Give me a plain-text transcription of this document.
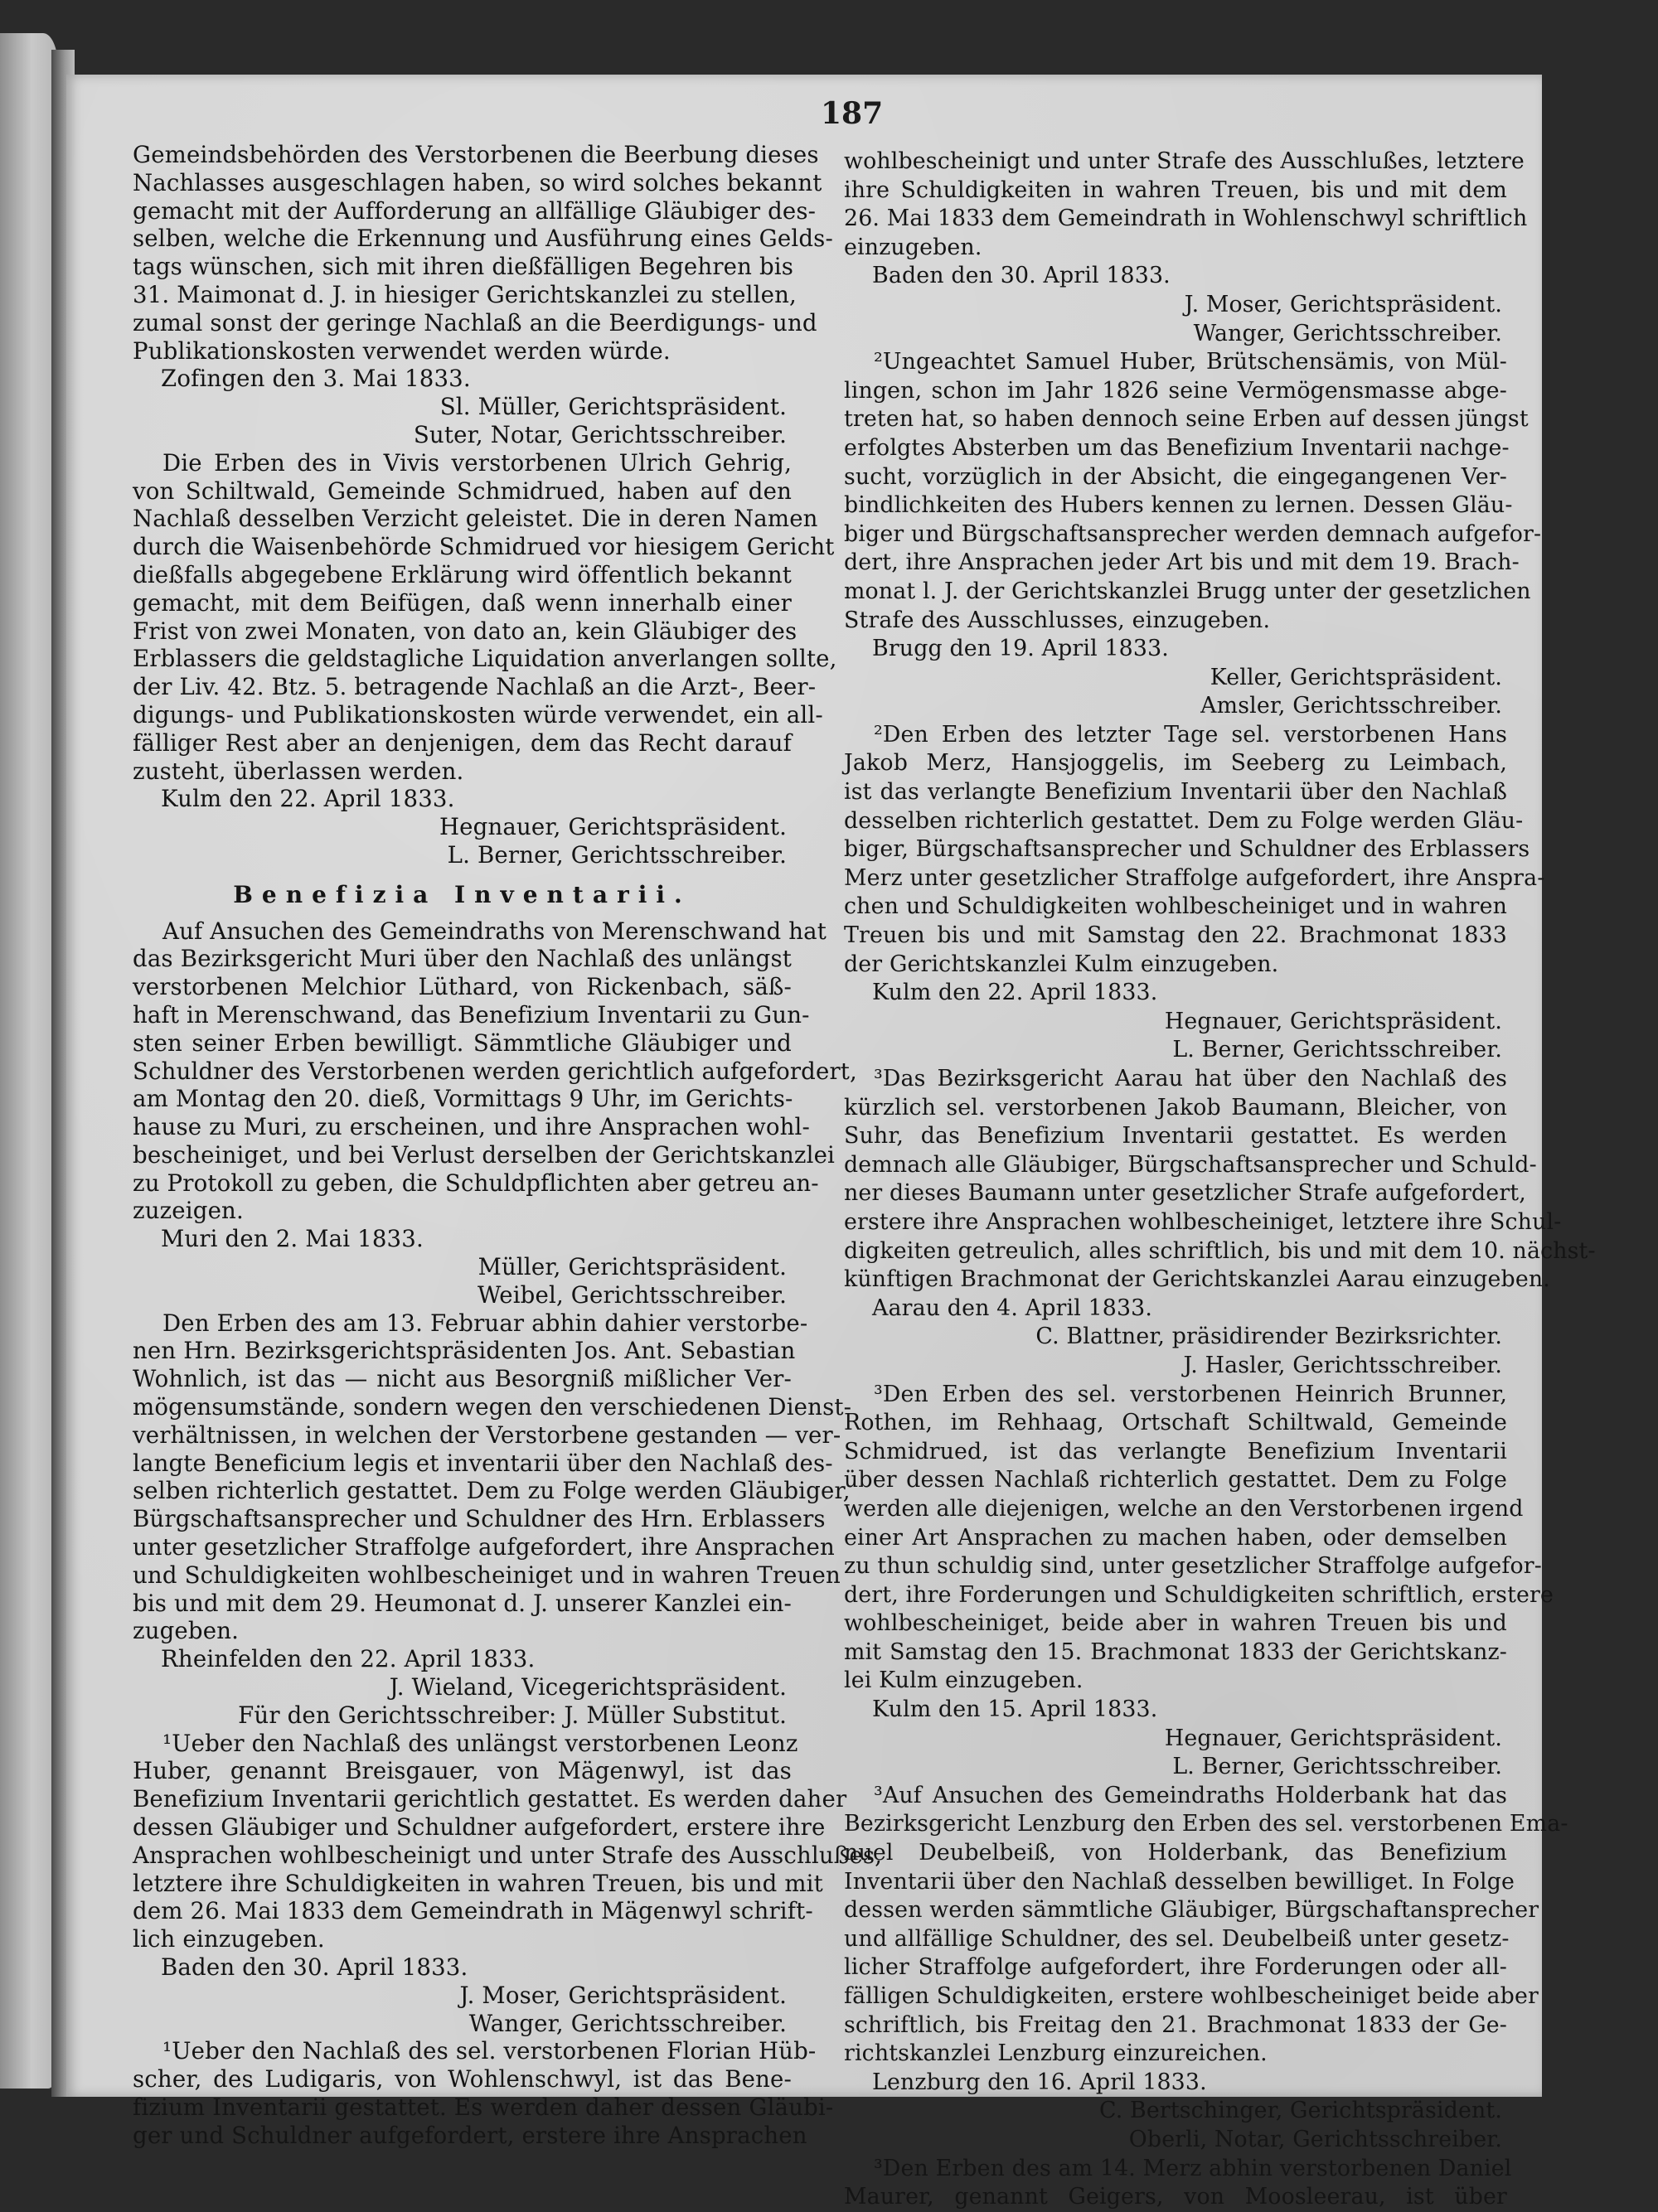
187
Gemeindsbehörden des Verstorbenen die Beerbung dieses
Nachlasses ausgeschlagen haben, so wird solches bekannt
gemacht mit der Aufforderung an allfällige Gläubiger des-
selben, welche die Erkennung und Ausführung eines Gelds-
tags wünschen, sich mit ihren dießfälligen Begehren bis
31. Maimonat d. J. in hiesiger Gerichtskanzlei zu stellen,
zumal sonst der geringe Nachlaß an die Beerdigungs- und
Publikationskosten verwendet werden würde.
Zofingen den 3. Mai 1833.
Sl. Müller, Gerichtspräsident.
Suter, Notar, Gerichtsschreiber.
Die Erben des in Vivis verstorbenen Ulrich Gehrig,
von Schiltwald, Gemeinde Schmidrued, haben auf den
Nachlaß desselben Verzicht geleistet. Die in deren Namen
durch die Waisenbehörde Schmidrued vor hiesigem Gericht
dießfalls abgegebene Erklärung wird öffentlich bekannt
gemacht, mit dem Beifügen, daß wenn innerhalb einer
Frist von zwei Monaten, von dato an, kein Gläubiger des
Erblassers die geldstagliche Liquidation anverlangen sollte,
der Liv. 42. Btz. 5. betragende Nachlaß an die Arzt-, Beer-
digungs- und Publikationskosten würde verwendet, ein all-
fälliger Rest aber an denjenigen, dem das Recht darauf
zusteht, überlassen werden.
Kulm den 22. April 1833.
Hegnauer, Gerichtspräsident.
L. Berner, Gerichtsschreiber.
Benefizia Inventarii.
Auf Ansuchen des Gemeindraths von Merenschwand hat
das Bezirksgericht Muri über den Nachlaß des unlängst
verstorbenen Melchior Lüthard, von Rickenbach, säß-
haft in Merenschwand, das Benefizium Inventarii zu Gun-
sten seiner Erben bewilligt. Sämmtliche Gläubiger und
Schuldner des Verstorbenen werden gerichtlich aufgefordert,
am Montag den 20. dieß, Vormittags 9 Uhr, im Gerichts-
hause zu Muri, zu erscheinen, und ihre Ansprachen wohl-
bescheiniget, und bei Verlust derselben der Gerichtskanzlei
zu Protokoll zu geben, die Schuldpflichten aber getreu an-
zuzeigen.
Muri den 2. Mai 1833.
Müller, Gerichtspräsident.
Weibel, Gerichtsschreiber.
Den Erben des am 13. Februar abhin dahier verstorbe-
nen Hrn. Bezirksgerichtspräsidenten Jos. Ant. Sebastian
Wohnlich, ist das — nicht aus Besorgniß mißlicher Ver-
mögensumstände, sondern wegen den verschiedenen Dienst-
verhältnissen, in welchen der Verstorbene gestanden — ver-
langte Beneficium legis et inventarii über den Nachlaß des-
selben richterlich gestattet. Dem zu Folge werden Gläubiger,
Bürgschaftsansprecher und Schuldner des Hrn. Erblassers
unter gesetzlicher Straffolge aufgefordert, ihre Ansprachen
und Schuldigkeiten wohlbescheiniget und in wahren Treuen
bis und mit dem 29. Heumonat d. J. unserer Kanzlei ein-
zugeben.
Rheinfelden den 22. April 1833.
J. Wieland, Vicegerichtspräsident.
Für den Gerichtsschreiber: J. Müller Substitut.
¹Ueber den Nachlaß des unlängst verstorbenen Leonz
Huber, genannt Breisgauer, von Mägenwyl, ist das
Benefizium Inventarii gerichtlich gestattet. Es werden daher
dessen Gläubiger und Schuldner aufgefordert, erstere ihre
Ansprachen wohlbescheinigt und unter Strafe des Ausschlußes,
letztere ihre Schuldigkeiten in wahren Treuen, bis und mit
dem 26. Mai 1833 dem Gemeindrath in Mägenwyl schrift-
lich einzugeben.
Baden den 30. April 1833.
J. Moser, Gerichtspräsident.
Wanger, Gerichtsschreiber.
¹Ueber den Nachlaß des sel. verstorbenen Florian Hüb-
scher, des Ludigaris, von Wohlenschwyl, ist das Bene-
fizium Inventarii gestattet. Es werden daher dessen Gläubi-
ger und Schuldner aufgefordert, erstere ihre Ansprachen
wohlbescheinigt und unter Strafe des Ausschlußes, letztere
ihre Schuldigkeiten in wahren Treuen, bis und mit dem
26. Mai 1833 dem Gemeindrath in Wohlenschwyl schriftlich
einzugeben.
Baden den 30. April 1833.
J. Moser, Gerichtspräsident.
Wanger, Gerichtsschreiber.
²Ungeachtet Samuel Huber, Brütschensämis, von Mül-
lingen, schon im Jahr 1826 seine Vermögensmasse abge-
treten hat, so haben dennoch seine Erben auf dessen jüngst
erfolgtes Absterben um das Benefizium Inventarii nachge-
sucht, vorzüglich in der Absicht, die eingegangenen Ver-
bindlichkeiten des Hubers kennen zu lernen. Dessen Gläu-
biger und Bürgschaftsansprecher werden demnach aufgefor-
dert, ihre Ansprachen jeder Art bis und mit dem 19. Brach-
monat l. J. der Gerichtskanzlei Brugg unter der gesetzlichen
Strafe des Ausschlusses, einzugeben.
Brugg den 19. April 1833.
Keller, Gerichtspräsident.
Amsler, Gerichtsschreiber.
²Den Erben des letzter Tage sel. verstorbenen Hans
Jakob Merz, Hansjoggelis, im Seeberg zu Leimbach,
ist das verlangte Benefizium Inventarii über den Nachlaß
desselben richterlich gestattet. Dem zu Folge werden Gläu-
biger, Bürgschaftsansprecher und Schuldner des Erblassers
Merz unter gesetzlicher Straffolge aufgefordert, ihre Anspra-
chen und Schuldigkeiten wohlbescheiniget und in wahren
Treuen bis und mit Samstag den 22. Brachmonat 1833
der Gerichtskanzlei Kulm einzugeben.
Kulm den 22. April 1833.
Hegnauer, Gerichtspräsident.
L. Berner, Gerichtsschreiber.
³Das Bezirksgericht Aarau hat über den Nachlaß des
kürzlich sel. verstorbenen Jakob Baumann, Bleicher, von
Suhr, das Benefizium Inventarii gestattet. Es werden
demnach alle Gläubiger, Bürgschaftsansprecher und Schuld-
ner dieses Baumann unter gesetzlicher Strafe aufgefordert,
erstere ihre Ansprachen wohlbescheiniget, letztere ihre Schul-
digkeiten getreulich, alles schriftlich, bis und mit dem 10. nächst-
künftigen Brachmonat der Gerichtskanzlei Aarau einzugeben.
Aarau den 4. April 1833.
C. Blattner, präsidirender Bezirksrichter.
J. Hasler, Gerichtsschreiber.
³Den Erben des sel. verstorbenen Heinrich Brunner,
Rothen, im Rehhaag, Ortschaft Schiltwald, Gemeinde
Schmidrued, ist das verlangte Benefizium Inventarii
über dessen Nachlaß richterlich gestattet. Dem zu Folge
werden alle diejenigen, welche an den Verstorbenen irgend
einer Art Ansprachen zu machen haben, oder demselben
zu thun schuldig sind, unter gesetzlicher Straffolge aufgefor-
dert, ihre Forderungen und Schuldigkeiten schriftlich, erstere
wohlbescheiniget, beide aber in wahren Treuen bis und
mit Samstag den 15. Brachmonat 1833 der Gerichtskanz-
lei Kulm einzugeben.
Kulm den 15. April 1833.
Hegnauer, Gerichtspräsident.
L. Berner, Gerichtsschreiber.
³Auf Ansuchen des Gemeindraths Holderbank hat das
Bezirksgericht Lenzburg den Erben des sel. verstorbenen Ema-
nuel Deubelbeiß, von Holderbank, das Benefizium
Inventarii über den Nachlaß desselben bewilliget. In Folge
dessen werden sämmtliche Gläubiger, Bürgschaftansprecher
und allfällige Schuldner, des sel. Deubelbeiß unter gesetz-
licher Straffolge aufgefordert, ihre Forderungen oder all-
fälligen Schuldigkeiten, erstere wohlbescheiniget beide aber
schriftlich, bis Freitag den 21. Brachmonat 1833 der Ge-
richtskanzlei Lenzburg einzureichen.
Lenzburg den 16. April 1833.
C. Bertschinger, Gerichtspräsident.
Oberli, Notar, Gerichtsschreiber.
³Den Erben des am 14. Merz abhin verstorbenen Daniel
Maurer, genannt Geigers, von Moosleerau, ist über
